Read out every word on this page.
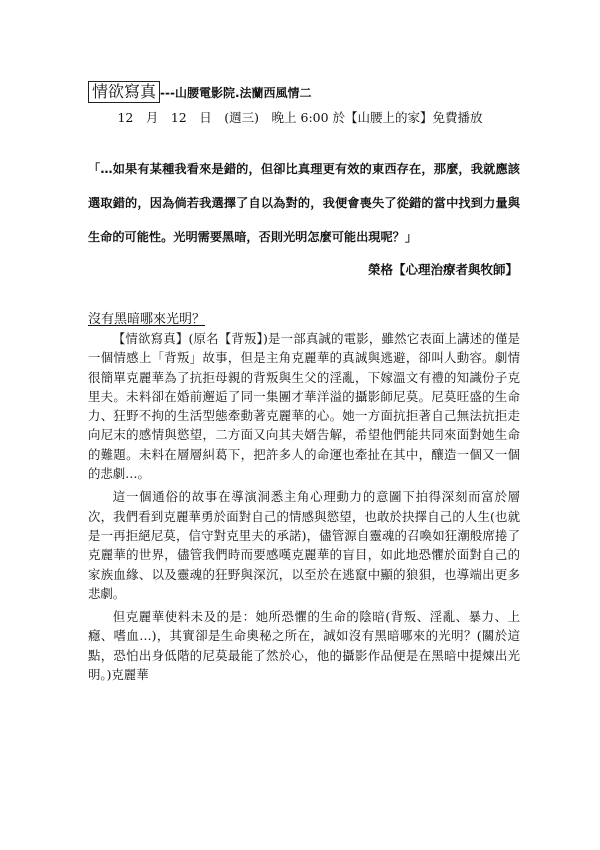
情欲寫真 ---山腰電影院.法蘭西風情二
12　月　12　日　(週三)　晚上 6:00 於【山腰上的家】免費播放

「…如果有某種我看來是錯的，但卻比真理更有效的東西存在，那麼，我就應該選取錯的，因為倘若我選擇了自以為對的，我便會喪失了從錯的當中找到力量與生命的可能性。光明需要黑暗，否則光明怎麼可能出現呢？」

榮格【心理治療者與牧師】
沒有黑暗哪來光明？

【情欲寫真】(原名【背叛】)是一部真誠的電影，雖然它表面上講述的僅是一個情感上「背叛」故事，但是主角克麗華的真誠與逃避，卻叫人動容。劇情很簡單克麗華為了抗拒母親的背叛與生父的淫亂，下嫁溫文有禮的知識份子克里夫。未料卻在婚前邂逅了同一集團才華洋溢的攝影師尼莫。尼莫旺盛的生命力、狂野不拘的生活型態牽動著克麗華的心。她一方面抗拒著自己無法抗拒走向尼末的感情與慾望，二方面又向其夫婿告解，希望他們能共同來面對她生命的難題。未料在層層糾葛下，把許多人的命運也牽扯在其中，釀造一個又一個的悲劇…。

這一個通俗的故事在導演洞悉主角心理動力的意圖下拍得深刻而富於層次，我們看到克麗華勇於面對自己的情感與慾望，也敢於抉擇自己的人生(也就是一再拒絕尼莫，信守對克里夫的承諾)，儘管源自靈魂的召喚如狂潮般席捲了克麗華的世界，儘管我們時而要感嘆克麗華的盲目，如此地恐懼於面對自己的家族血緣、以及靈魂的狂野與深沉，以至於在逃竄中顯的狼狽，也導端出更多悲劇。

但克麗華使料未及的是：她所恐懼的生命的陰暗(背叛、淫亂、暴力、上癮、嗜血…)，其實卻是生命奧秘之所在，誠如沒有黑暗哪來的光明？(關於這點，恐怕出身低階的尼莫最能了然於心，他的攝影作品便是在黑暗中提煉出光明。)克麗華
